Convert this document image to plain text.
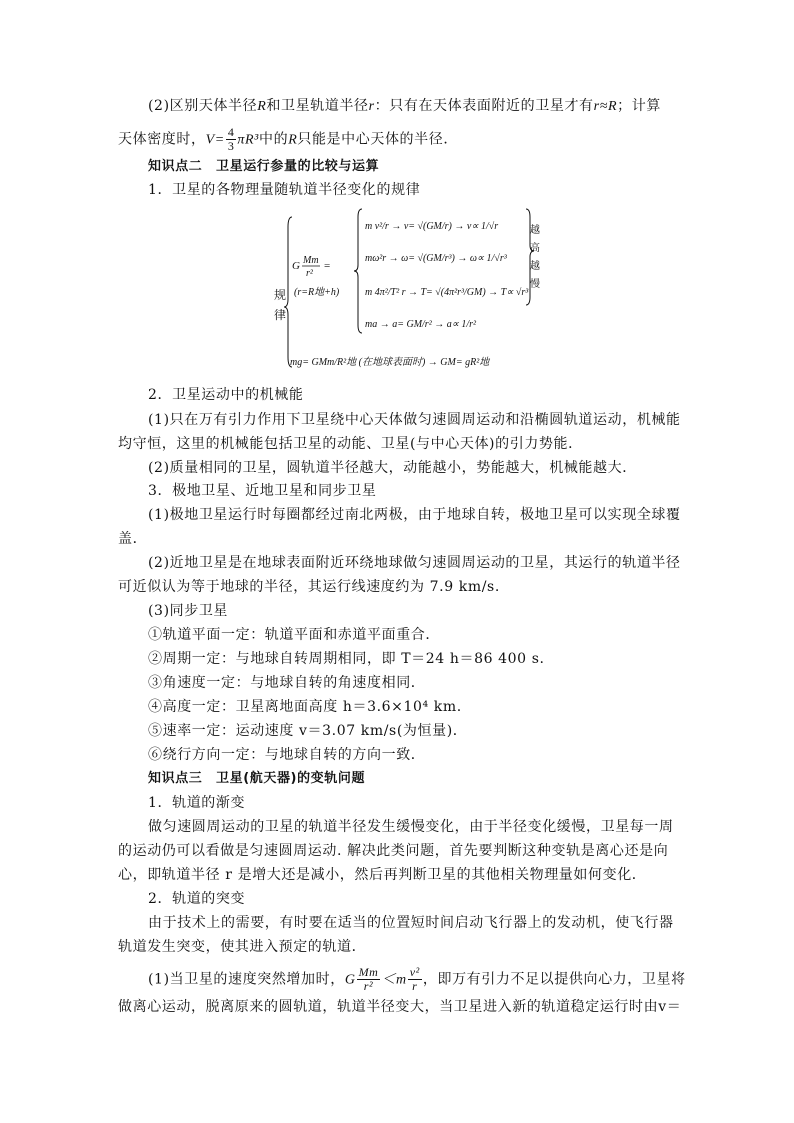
(2)区别天体半径R和卫星轨道半径r：只有在天体表面附近的卫星才有r≈R；计算
天体密度时，$V= \frac{4}{3} \pi R^3$中的R只能是中心天体的半径．
知识点二　卫星运行参量的比较与运算
1．卫星的各物理量随轨道半径变化的规律
规
律
G Mm
r²
=
(r=R地+h)
m v²/r → v= √(GM/r) → v∝ 1/√r
mω²r → ω= √(GM/r³) → ω∝ 1/√r³
m 4π²/T² r → T= √(4π²r³/GM) → T∝ √r³
ma → a= GM/r² → a∝ 1/r²
越
高
越
慢
mg= GMm/R²地 (在地球表面时) → GM= gR²地
2．卫星运动中的机械能
(1)只在万有引力作用下卫星绕中心天体做匀速圆周运动和沿椭圆轨道运动，机械能
均守恒，这里的机械能包括卫星的动能、卫星(与中心天体)的引力势能．
(2)质量相同的卫星，圆轨道半径越大，动能越小，势能越大，机械能越大．
3．极地卫星、近地卫星和同步卫星
(1)极地卫星运行时每圈都经过南北两极，由于地球自转，极地卫星可以实现全球覆
盖．
(2)近地卫星是在地球表面附近环绕地球做匀速圆周运动的卫星，其运行的轨道半径
可近似认为等于地球的半径，其运行线速度约为 7.9 km/s.
(3)同步卫星
①轨道平面一定：轨道平面和赤道平面重合．
②周期一定：与地球自转周期相同，即 T＝24 h＝86 400 s.
③角速度一定：与地球自转的角速度相同．
④高度一定：卫星离地面高度 h＝3.6×10⁴ km.
⑤速率一定：运动速度 v＝3.07 km/s(为恒量)．
⑥绕行方向一定：与地球自转的方向一致．
知识点三　卫星(航天器)的变轨问题
1．轨道的渐变
做匀速圆周运动的卫星的轨道半径发生缓慢变化，由于半径变化缓慢，卫星每一周
的运动仍可以看做是匀速圆周运动. 解决此类问题，首先要判断这种变轨是离心还是向
心，即轨道半径 r 是增大还是减小，然后再判断卫星的其他相关物理量如何变化．
2．轨道的突变
由于技术上的需要，有时要在适当的位置短时间启动飞行器上的发动机，使飞行器
轨道发生突变，使其进入预定的轨道．
(1)当卫星的速度突然增加时，G $\frac{Mm}{\text{r²}} <m \frac{\text{v²}}{r}$ ，即万有引力不足以提供向心力，卫星将
做离心运动，脱离原来的圆轨道，轨道半径变大，当卫星进入新的轨道稳定运行时由v＝
